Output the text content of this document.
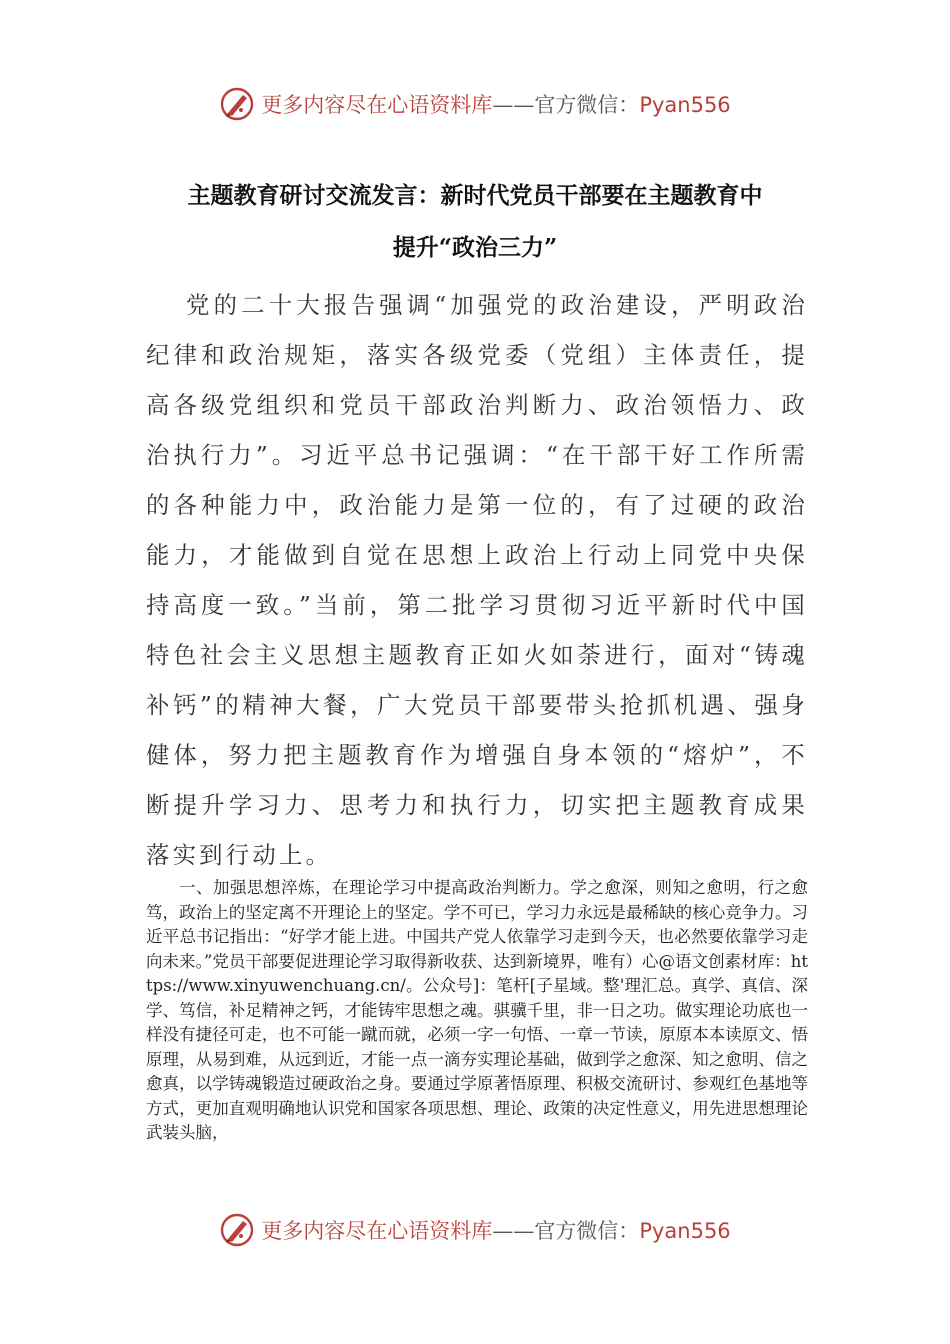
更多内容尽在心语资料库——官方微信：Pyan556
主题教育研讨交流发言：新时代党员干部要在主题教育中
提升“政治三力”

党的二十大报告强调“加强党的政治建设，严明政治纪律和政治规矩，落实各级党委（党组）主体责任，提高各级党组织和党员干部政治判断力、政治领悟力、政治执行力”。习近平总书记强调：“在干部干好工作所需的各种能力中，政治能力是第一位的，有了过硬的政治能力，才能做到自觉在思想上政治上行动上同党中央保持高度一致。”当前，第二批学习贯彻习近平新时代中国特色社会主义思想主题教育正如火如荼进行，面对“铸魂补钙”的精神大餐，广大党员干部要带头抢抓机遇、强身健体，努力把主题教育作为增强自身本领的“熔炉”，不断提升学习力、思考力和执行力，切实把主题教育成果落实到行动上。

一、加强思想淬炼，在理论学习中提高政治判断力。学之愈深，则知之愈明，行之愈笃，政治上的坚定离不开理论上的坚定。学不可已，学习力永远是最稀缺的核心竞争力。习近平总书记指出：“好学才能上进。中国共产党人依靠学习走到今天，也必然要依靠学习走向未来。”党员干部要促进理论学习取得新收获、达到新境界，唯有）心@语文创素材库：https://www.xinyuwenchuang.cn/。公众号]：笔杆[子星域。整'理汇总。真学、真信、深学、笃信，补足精神之钙，才能铸牢思想之魂。骐骥千里，非一日之功。做实理论功底也一样没有捷径可走，也不可能一蹴而就，必须一字一句悟、一章一节读，原原本本读原文、悟原理，从易到难，从远到近，才能一点一滴夯实理论基础，做到学之愈深、知之愈明、信之愈真，以学铸魂锻造过硬政治之身。要通过学原著悟原理、积极交流研讨、参观红色基地等方式，更加直观明确地认识党和国家各项思想、理论、政策的决定性意义，用先进思想理论武装头脑，

更多内容尽在心语资料库——官方微信：Pyan556
